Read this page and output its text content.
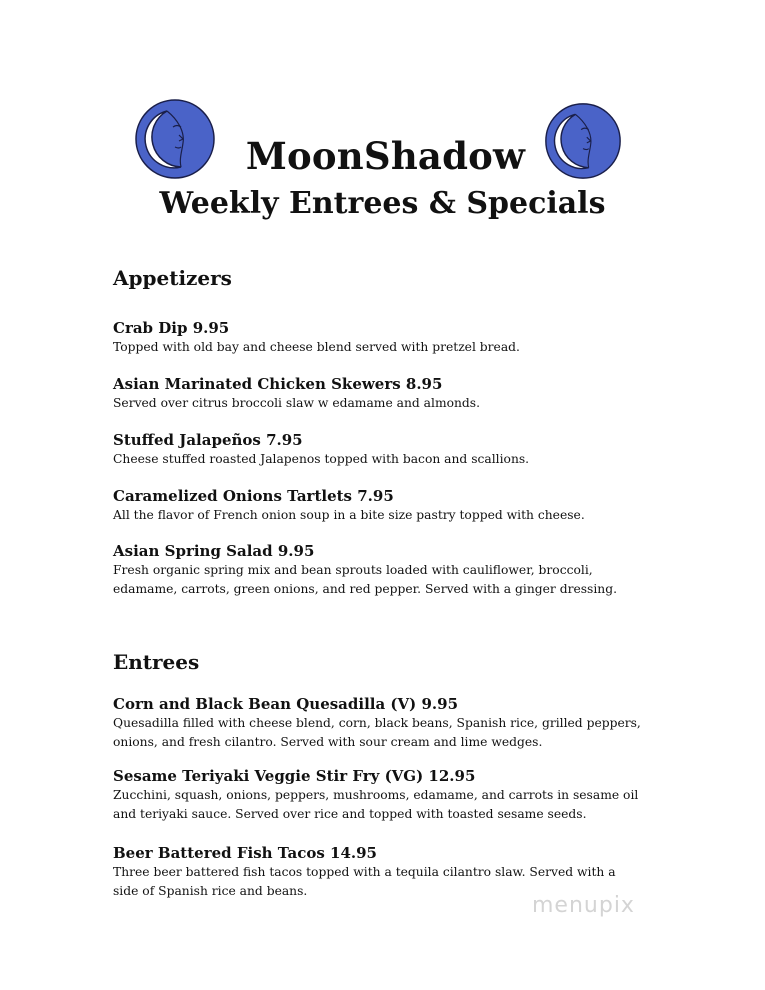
MoonShadow
Weekly Entrees & Specials
Appetizers
Crab Dip 9.95
Topped with old bay and cheese blend served with pretzel bread.
Asian Marinated Chicken Skewers 8.95
Served over citrus broccoli slaw w edamame and almonds.
Stuffed Jalapeños 7.95
Cheese stuffed roasted Jalapenos topped with bacon and scallions.
Caramelized Onions Tartlets 7.95
All the flavor of French onion soup in a bite size pastry topped with cheese.
Asian Spring Salad 9.95
Fresh organic spring mix and bean sprouts loaded with cauliflower, broccoli, edamame, carrots, green onions, and red pepper. Served with a ginger dressing.
Entrees
Corn and Black Bean Quesadilla (V) 9.95
Quesadilla filled with cheese blend, corn, black beans, Spanish rice, grilled peppers, onions, and fresh cilantro. Served with sour cream and lime wedges.
Sesame Teriyaki Veggie Stir Fry (VG) 12.95
Zucchini, squash, onions, peppers, mushrooms, edamame, and carrots in sesame oil and teriyaki sauce. Served over rice and topped with toasted sesame seeds.
Beer Battered Fish Tacos 14.95
Three beer battered fish tacos topped with a tequila cilantro slaw. Served with a side of Spanish rice and beans.
menupix
